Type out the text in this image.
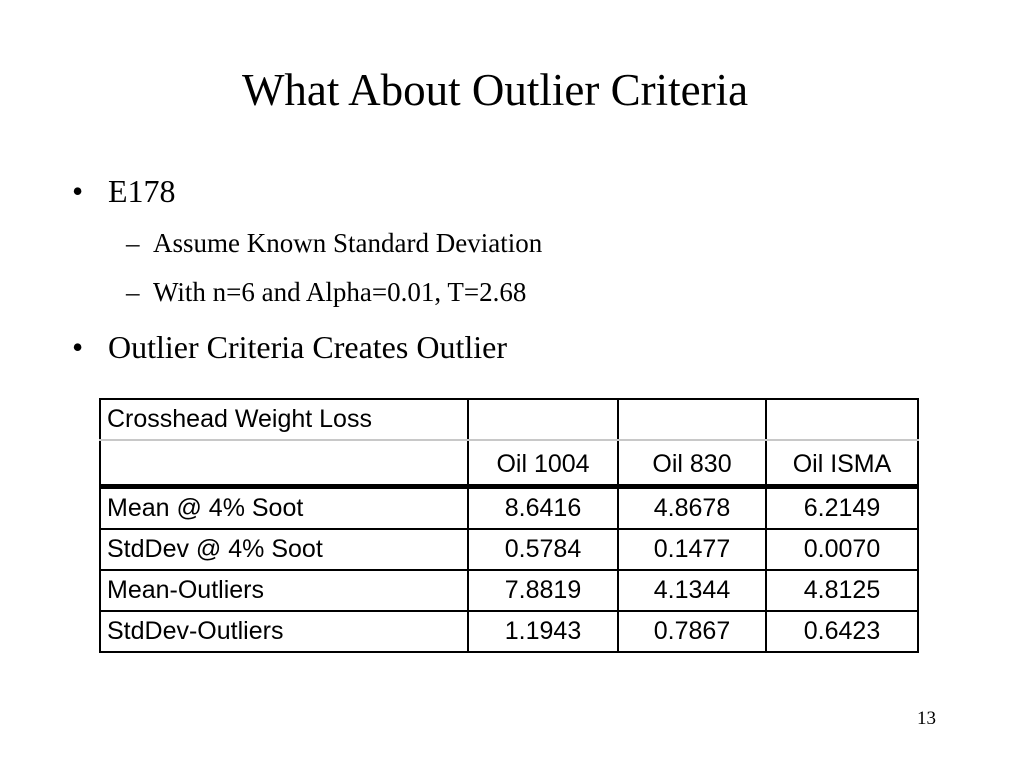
What About Outlier Criteria
• E178
– Assume Known Standard Deviation
– With n=6 and Alpha=0.01, T=2.68
• Outlier Criteria Creates Outlier
Crosshead Weight Loss			
	Oil 1004	Oil 830	Oil ISMA
Mean @ 4% Soot	8.6416	4.8678	6.2149
StdDev @ 4% Soot	0.5784	0.1477	0.0070
Mean-Outliers	7.8819	4.1344	4.8125
StdDev-Outliers	1.1943	0.7867	0.6423
13
